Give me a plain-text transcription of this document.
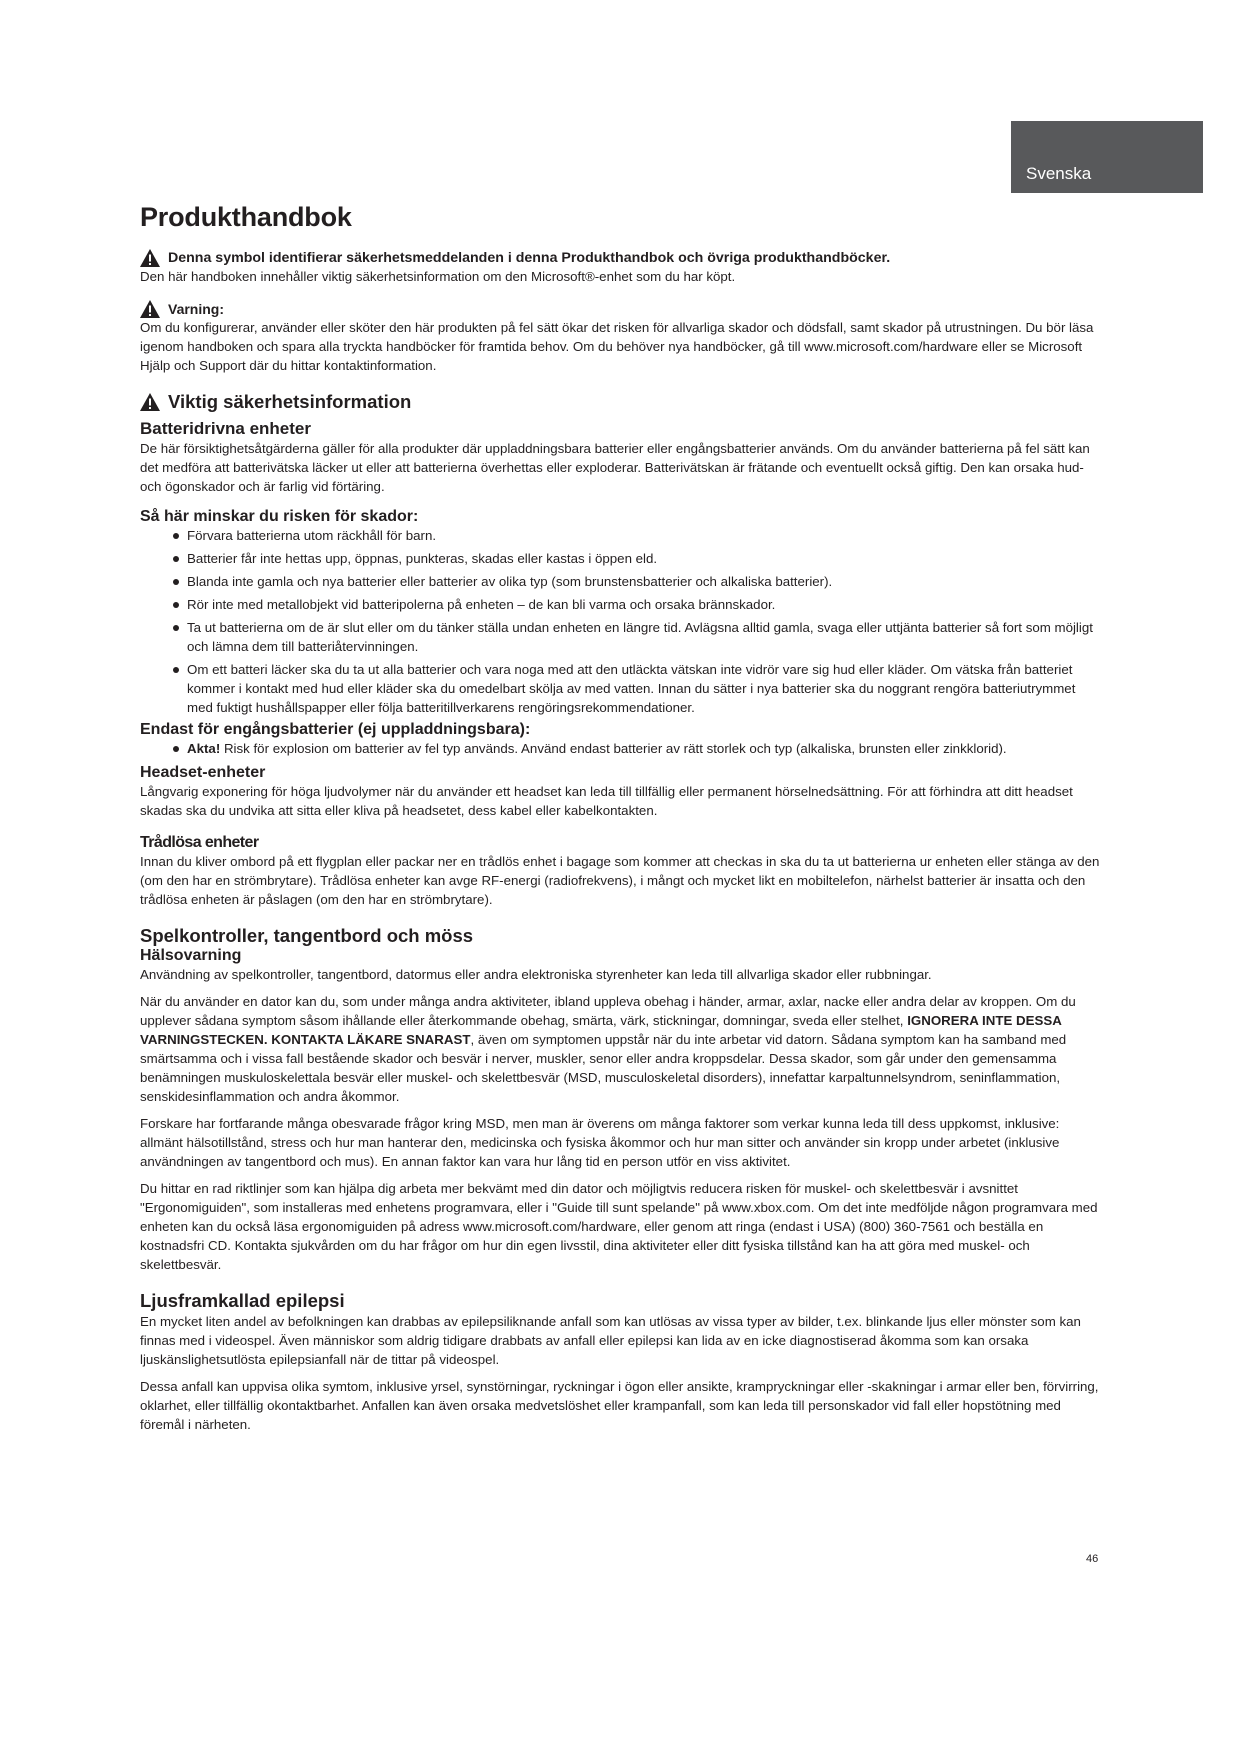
Svenska
Produkthandbok
Denna symbol identifierar säkerhetsmeddelanden i denna Produkthandbok och övriga produkthandböcker.

Den här handboken innehåller viktig säkerhetsinformation om den Microsoft®-enhet som du har köpt.

Varning:

Om du konfigurerar, använder eller sköter den här produkten på fel sätt ökar det risken för allvarliga skador och dödsfall, samt skador på utrustningen. Du bör läsa igenom handboken och spara alla tryckta handböcker för framtida behov. Om du behöver nya handböcker, gå till www.microsoft.com/hardware eller se Microsoft Hjälp och Support där du hittar kontaktinformation.

Viktig säkerhetsinformation
Batteridrivna enheter

De här försiktighetsåtgärderna gäller för alla produkter där uppladdningsbara batterier eller engångsbatterier används. Om du använder batterierna på fel sätt kan det medföra att batterivätska läcker ut eller att batterierna överhettas eller exploderar. Batterivätskan är frätande och eventuellt också giftig. Den kan orsaka hud- och ögonskador och är farlig vid förtäring.

Så här minskar du risken för skador:
Förvara batterierna utom räckhåll för barn.
Batterier får inte hettas upp, öppnas, punkteras, skadas eller kastas i öppen eld.
Blanda inte gamla och nya batterier eller batterier av olika typ (som brunstensbatterier och alkaliska batterier).
Rör inte med metallobjekt vid batteripolerna på enheten – de kan bli varma och orsaka brännskador.
Ta ut batterierna om de är slut eller om du tänker ställa undan enheten en längre tid. Avlägsna alltid gamla, svaga eller uttjänta batterier så fort som möjligt och lämna dem till batteriåtervinningen.
Om ett batteri läcker ska du ta ut alla batterier och vara noga med att den utläckta vätskan inte vidrör vare sig hud eller kläder. Om vätska från batteriet kommer i kontakt med hud eller kläder ska du omedelbart skölja av med vatten. Innan du sätter i nya batterier ska du noggrant rengöra batteriutrymmet med fuktigt hushållspapper eller följa batteritillverkarens rengöringsrekommendationer.
Endast för engångsbatterier (ej uppladdningsbara):
Akta! Risk för explosion om batterier av fel typ används. Använd endast batterier av rätt storlek och typ (alkaliska, brunsten eller zinkklorid).
Headset-enheter

Långvarig exponering för höga ljudvolymer när du använder ett headset kan leda till tillfällig eller permanent hörselnedsättning. För att förhindra att ditt headset skadas ska du undvika att sitta eller kliva på headsetet, dess kabel eller kabelkontakten.

Trådlösa enheter

Innan du kliver ombord på ett flygplan eller packar ner en trådlös enhet i bagage som kommer att checkas in ska du ta ut batterierna ur enheten eller stänga av den (om den har en strömbrytare). Trådlösa enheter kan avge RF-energi (radiofrekvens), i mångt och mycket likt en mobiltelefon, närhelst batterier är insatta och den trådlösa enheten är påslagen (om den har en strömbrytare).

Spelkontroller, tangentbord och möss
Hälsovarning

Användning av spelkontroller, tangentbord, datormus eller andra elektroniska styrenheter kan leda till allvarliga skador eller rubbningar.

När du använder en dator kan du, som under många andra aktiviteter, ibland uppleva obehag i händer, armar, axlar, nacke eller andra delar av kroppen. Om du upplever sådana symptom såsom ihållande eller återkommande obehag, smärta, värk, stickningar, domningar, sveda eller stelhet, IGNORERA INTE DESSA VARNINGSTECKEN. KONTAKTA LÄKARE SNARAST, även om symptomen uppstår när du inte arbetar vid datorn. Sådana symptom kan ha samband med smärtsamma och i vissa fall bestående skador och besvär i nerver, muskler, senor eller andra kroppsdelar. Dessa skador, som går under den gemensamma benämningen muskuloskelettala besvär eller muskel- och skelettbesvär (MSD, musculoskeletal disorders), innefattar karpaltunnelsyndrom, seninflammation, senskidesinflammation och andra åkommor.

Forskare har fortfarande många obesvarade frågor kring MSD, men man är överens om många faktorer som verkar kunna leda till dess uppkomst, inklusive: allmänt hälsotillstånd, stress och hur man hanterar den, medicinska och fysiska åkommor och hur man sitter och använder sin kropp under arbetet (inklusive användningen av tangentbord och mus). En annan faktor kan vara hur lång tid en person utför en viss aktivitet.

Du hittar en rad riktlinjer som kan hjälpa dig arbeta mer bekvämt med din dator och möjligtvis reducera risken för muskel- och skelettbesvär i avsnittet "Ergonomiguiden", som installeras med enhetens programvara, eller i "Guide till sunt spelande" på www.xbox.com. Om det inte medföljde någon programvara med enheten kan du också läsa ergonomiguiden på adress www.microsoft.com/hardware, eller genom att ringa (endast i USA) (800) 360-7561 och beställa en kostnadsfri CD. Kontakta sjukvården om du har frågor om hur din egen livsstil, dina aktiviteter eller ditt fysiska tillstånd kan ha att göra med muskel- och skelettbesvär.

Ljusframkallad epilepsi

En mycket liten andel av befolkningen kan drabbas av epilepsiliknande anfall som kan utlösas av vissa typer av bilder, t.ex. blinkande ljus eller mönster som kan finnas med i videospel. Även människor som aldrig tidigare drabbats av anfall eller epilepsi kan lida av en icke diagnostiserad åkomma som kan orsaka ljuskänslighetsutlösta epilepsianfall när de tittar på videospel.

Dessa anfall kan uppvisa olika symtom, inklusive yrsel, synstörningar, ryckningar i ögon eller ansikte, krampryckningar eller -skakningar i armar eller ben, förvirring, oklarhet, eller tillfällig okontaktbarhet. Anfallen kan även orsaka medvetslöshet eller krampanfall, som kan leda till personskador vid fall eller hopstötning med föremål i närheten.

46
